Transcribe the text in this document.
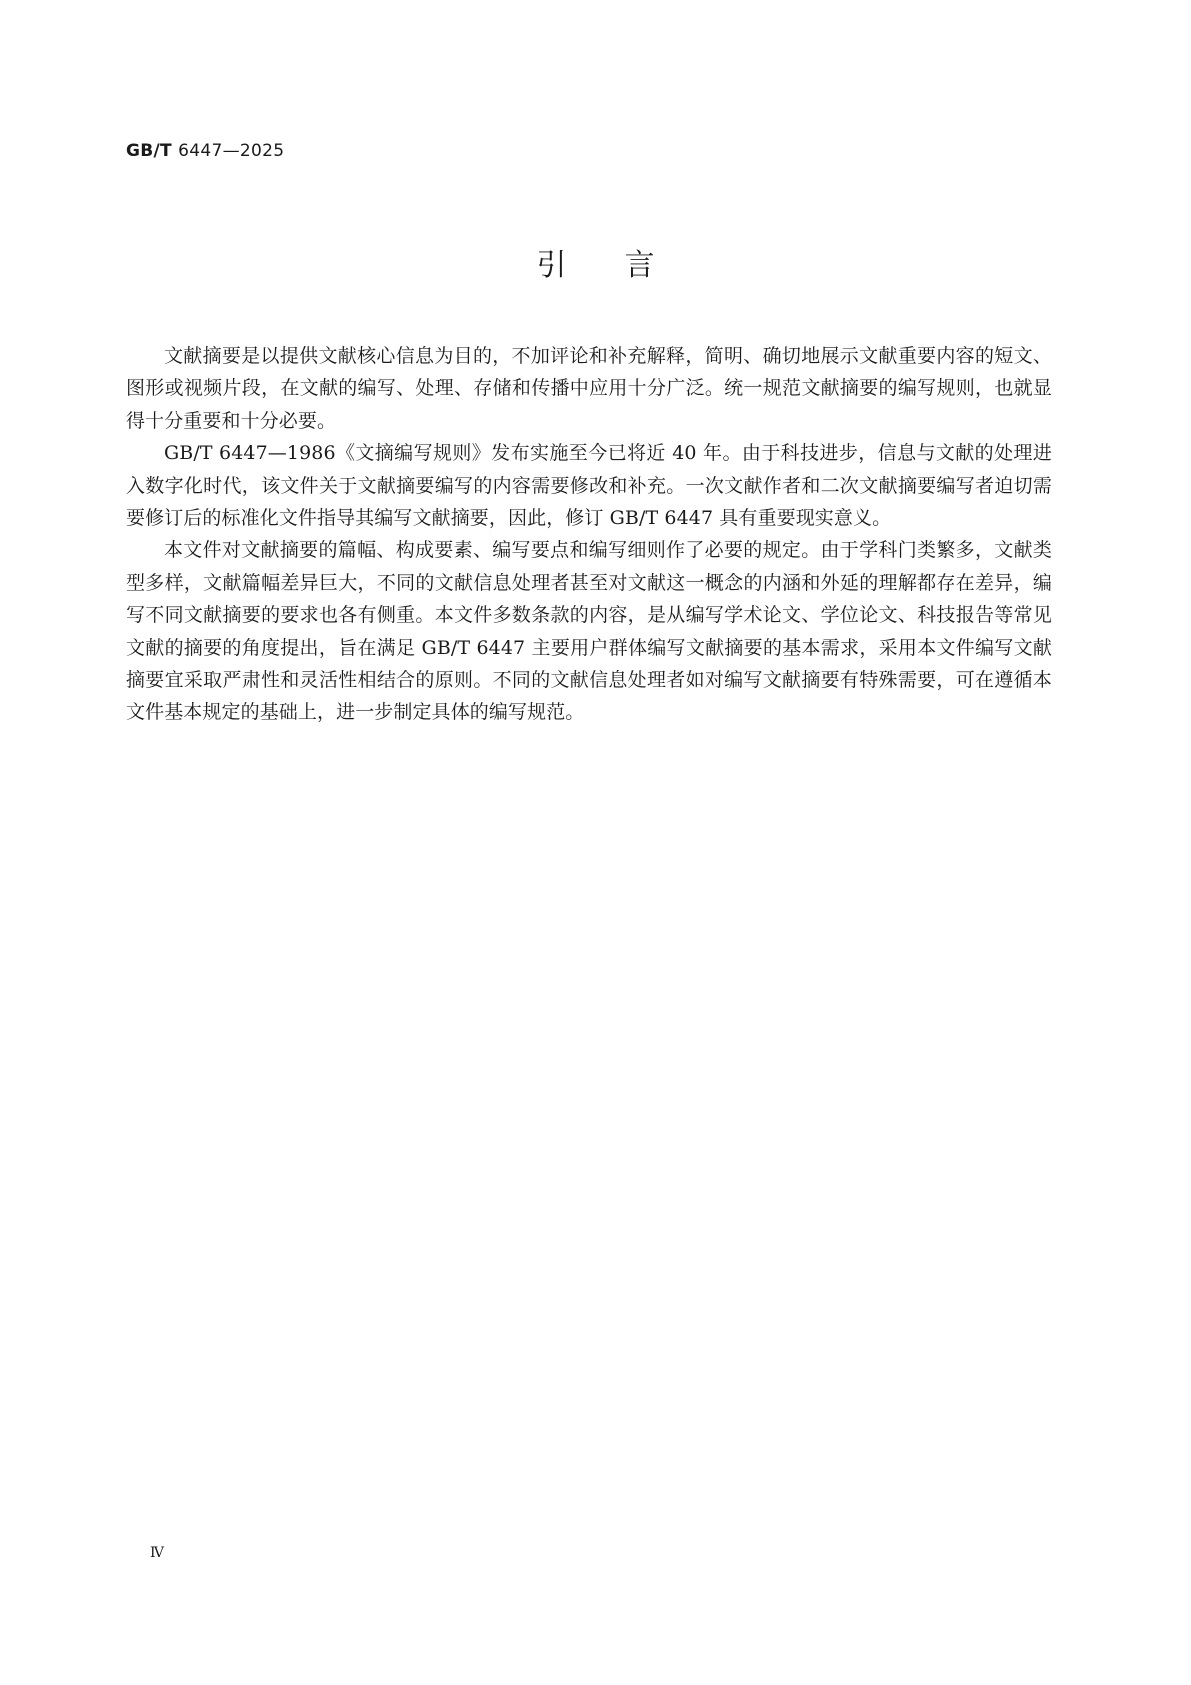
GB/T 6447—2025
引言

文献摘要是以提供文献核心信息为目的，不加评论和补充解释，简明、确切地展示文献重要内容的短文、图形或视频片段，在文献的编写、处理、存储和传播中应用十分广泛。统一规范文献摘要的编写规则，也就显得十分重要和十分必要。

GB/T 6447—1986《文摘编写规则》发布实施至今已将近 40 年。由于科技进步，信息与文献的处理进入数字化时代，该文件关于文献摘要编写的内容需要修改和补充。一次文献作者和二次文献摘要编写者迫切需要修订后的标准化文件指导其编写文献摘要，因此，修订 GB/T 6447 具有重要现实意义。

本文件对文献摘要的篇幅、构成要素、编写要点和编写细则作了必要的规定。由于学科门类繁多，文献类型多样，文献篇幅差异巨大，不同的文献信息处理者甚至对文献这一概念的内涵和外延的理解都存在差异，编写不同文献摘要的要求也各有侧重。本文件多数条款的内容，是从编写学术论文、学位论文、科技报告等常见文献的摘要的角度提出，旨在满足 GB/T 6447 主要用户群体编写文献摘要的基本需求，采用本文件编写文献摘要宜采取严肃性和灵活性相结合的原则。不同的文献信息处理者如对编写文献摘要有特殊需要，可在遵循本文件基本规定的基础上，进一步制定具体的编写规范。

Ⅳ
